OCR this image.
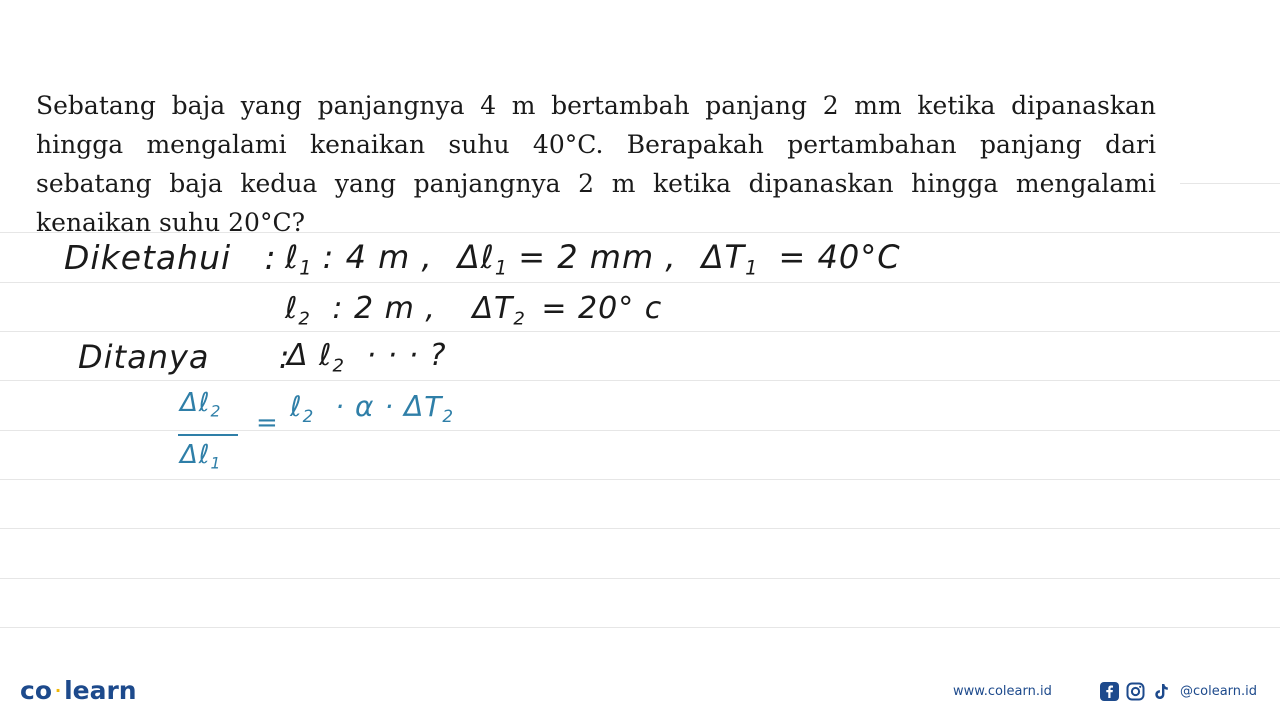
Sebatang baja yang panjangnya 4 m bertambah panjang 2 mm ketika dipanaskan hingga mengalami kenaikan suhu 40°C. Berapakah pertambahan panjang dari sebatang baja kedua yang panjangnya 2 m ketika dipanaskan hingga mengalami kenaikan suhu 20°C?
Diketahui : ℓ$_1$ : 4 m , Δℓ$_1$ = 2 mm , $\Delta T_1 = 40^\circ C$
ℓ$_2$ : 2 m , $\Delta T_2 = 20^\circ$ c
Ditanya :
Δ ℓ$_2$ · · · ?
Δℓ$_2$
Δℓ$_1$
= ℓ$_2$ · $\alpha \cdot \Delta T_2$
co · learn	www.colearn.id	@colearn.id
